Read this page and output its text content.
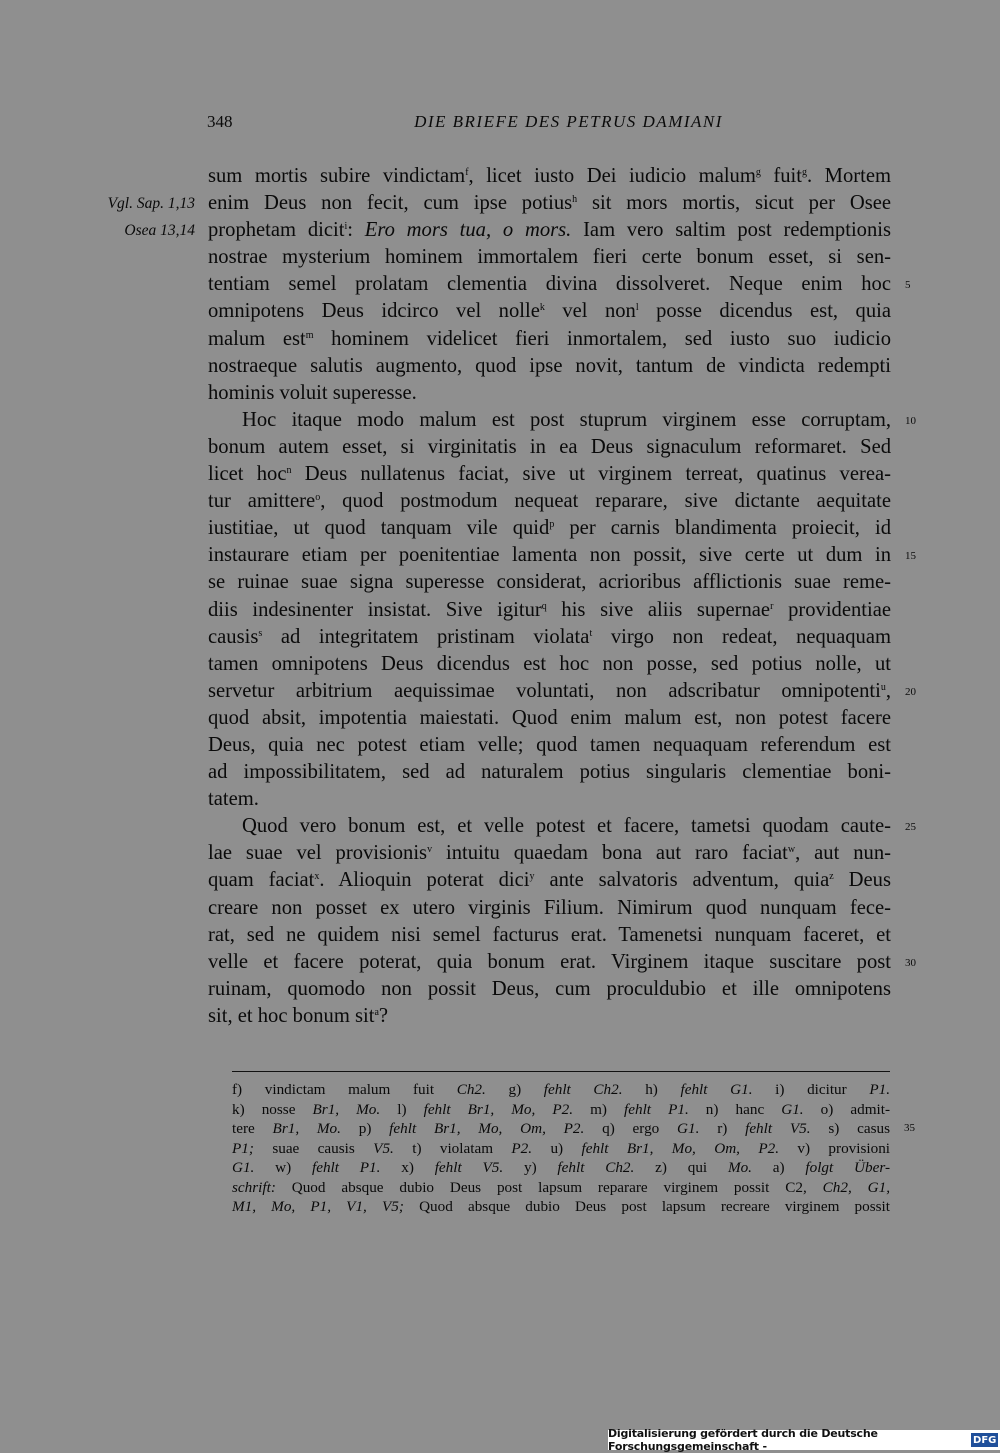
348	DIE BRIEFE DES PETRUS DAMIANI
sum mortis subire vindictam$^f$, licet iusto Dei iudicio malum$^g$ fuit$^g$. Mortem
Vgl. Sap. 1,13 enim Deus non fecit, cum ipse potius$^h$ sit mors mortis, sicut per Osee
Osea 13,14 prophetam dicit$^i$: Ero mors tua, o mors. Iam vero saltim post redemptionis
nostrae mysterium hominem immortalem fieri certe bonum esset, si sen-
tentiam semel prolatam clementia divina dissolveret. Neque enim hoc 5
omnipotens Deus idcirco vel nolle$^k$ vel non$^l$ posse dicendus est, quia
malum est$^m$ hominem videlicet fieri inmortalem, sed iusto suo iudicio
nostraeque salutis augmento, quod ipse novit, tantum de vindicta redempti
hominis voluit superesse.
Hoc itaque modo malum est post stuprum virginem esse corruptam, 10
bonum autem esset, si virginitatis in ea Deus signaculum reformaret. Sed
licet hoc$^n$ Deus nullatenus faciat, sive ut virginem terreat, quatinus verea-
tur amittere$^o$, quod postmodum nequeat reparare, sive dictante aequitate
iustitiae, ut quod tanquam vile quid$^p$ per carnis blandimenta proiecit, id
instaurare etiam per poenitentiae lamenta non possit, sive certe ut dum in 15
se ruinae suae signa superesse considerat, acrioribus afflictionis suae reme-
diis indesinenter insistat. Sive igitur$^q$ his sive aliis supernae$^r$ providentiae
causis$^s$ ad integritatem pristinam violata$^t$ virgo non redeat, nequaquam
tamen omnipotens Deus dicendus est hoc non posse, sed potius nolle, ut
servetur arbitrium aequissimae voluntati, non adscribatur omnipotenti$^u$, 20
quod absit, impotentia maiestati. Quod enim malum est, non potest facere
Deus, quia nec potest etiam velle; quod tamen nequaquam referendum est
ad impossibilitatem, sed ad naturalem potius singularis clementiae boni-
tatem.
Quod vero bonum est, et velle potest et facere, tametsi quodam caute- 25
lae suae vel provisionis$^v$ intuitu quaedam bona aut raro faciat$^w$, aut nun-
quam faciat$^x$. Alioquin poterat dici$^y$ ante salvatoris adventum, quia$^z$ Deus
creare non posset ex utero virginis Filium. Nimirum quod nunquam fece-
rat, sed ne quidem nisi semel facturus erat. Tamenetsi nunquam faceret, et
velle et facere poterat, quia bonum erat. Virginem itaque suscitare post 30
ruinam, quomodo non possit Deus, cum proculdubio et ille omnipotens
sit, et hoc bonum sit$^a$?
f) vindictam malum fuit Ch2. g) fehlt Ch2. h) fehlt G1. i) dicitur P1.
k) nosse Br1, Mo. l) fehlt Br1, Mo, P2. m) fehlt P1. n) hanc G1. o) admit-
tere Br1, Mo. p) fehlt Br1, Mo, Om, P2. q) ergo G1. r) fehlt V5. s) casus 35
P1; suae causis V5. t) violatam P2. u) fehlt Br1, Mo, Om, P2. v) provisioni
G1. w) fehlt P1. x) fehlt V5. y) fehlt Ch2. z) qui Mo. a) folgt Über-
schrift: Quod absque dubio Deus post lapsum reparare virginem possit C2, Ch2, G1,
M1, Mo, P1, V1, V5; Quod absque dubio Deus post lapsum recreare virginem possit
Digitalisierung gefördert durch die Deutsche Forschungsgemeinschaft -	DFG
